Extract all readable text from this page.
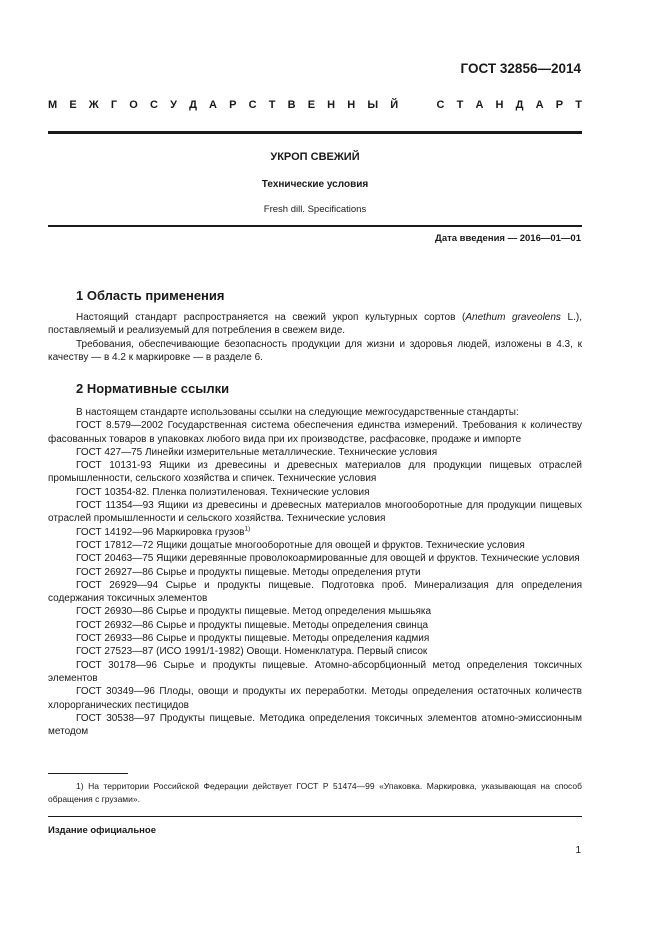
ГОСТ 32856—2014
М Е Ж Г О С У Д А Р С Т В Е Н Н Ы Й	С Т А Н Д А Р Т
УКРОП СВЕЖИЙ
Технические условия
Fresh dill. Specifications
Дата введения — 2016—01—01
1 Область применения

Настоящий стандарт распространяется на свежий укроп культурных сортов (Anethum graveolens L.), поставляемый и реализуемый для потребления в свежем виде.

Требования, обеспечивающие безопасность продукции для жизни и здоровья людей, изложены в 4.3, к качеству — в 4.2 к маркировке — в разделе 6.

2 Нормативные ссылки

В настоящем стандарте использованы ссылки на следующие межгосударственные стандарты:

ГОСТ 8.579—2002 Государственная система обеспечения единства измерений. Требования к количеству фасованных товаров в упаковках любого вида при их производстве, расфасовке, продаже и импорте

ГОСТ 427—75 Линейки измерительные металлические. Технические условия

ГОСТ 10131-93 Ящики из древесины и древесных материалов для продукции пищевых отраслей промышленности, сельского хозяйства и спичек. Технические условия

ГОСТ 10354-82. Пленка полиэтиленовая. Технические условия

ГОСТ 11354—93 Ящики из древесины и древесных материалов многооборотные для продукции пищевых отраслей промышленности и сельского хозяйства. Технические условия

ГОСТ 14192—96 Маркировка грузов$^{1)}$

ГОСТ 17812—72 Ящики дощатые многооборотные для овощей и фруктов. Технические условия

ГОСТ 20463—75 Ящики деревянные проволокоармированные для овощей и фруктов. Технические условия

ГОСТ 26927—86 Сырье и продукты пищевые. Методы определения ртути

ГОСТ 26929—94 Сырье и продукты пищевые. Подготовка проб. Минерализация для определения содержания токсичных элементов

ГОСТ 26930—86 Сырье и продукты пищевые. Метод определения мышьяка

ГОСТ 26932—86 Сырье и продукты пищевые. Методы определения свинца

ГОСТ 26933—86 Сырье и продукты пищевые. Методы определения кадмия

ГОСТ 27523—87 (ИСО 1991/1-1982) Овощи. Номенклатура. Первый список

ГОСТ 30178—96 Сырье и продукты пищевые. Атомно-абсорбционный метод определения токсичных элементов

ГОСТ 30349—96 Плоды, овощи и продукты их переработки. Методы определения остаточных количеств хлорорганических пестицидов

ГОСТ 30538—97 Продукты пищевые. Методика определения токсичных элементов атомно-эмиссионным методом

1) На территории Российской Федерации действует ГОСТ Р 51474—99 «Упаковка. Маркировка, указывающая на способ обращения с грузами».

Издание официальное
1
